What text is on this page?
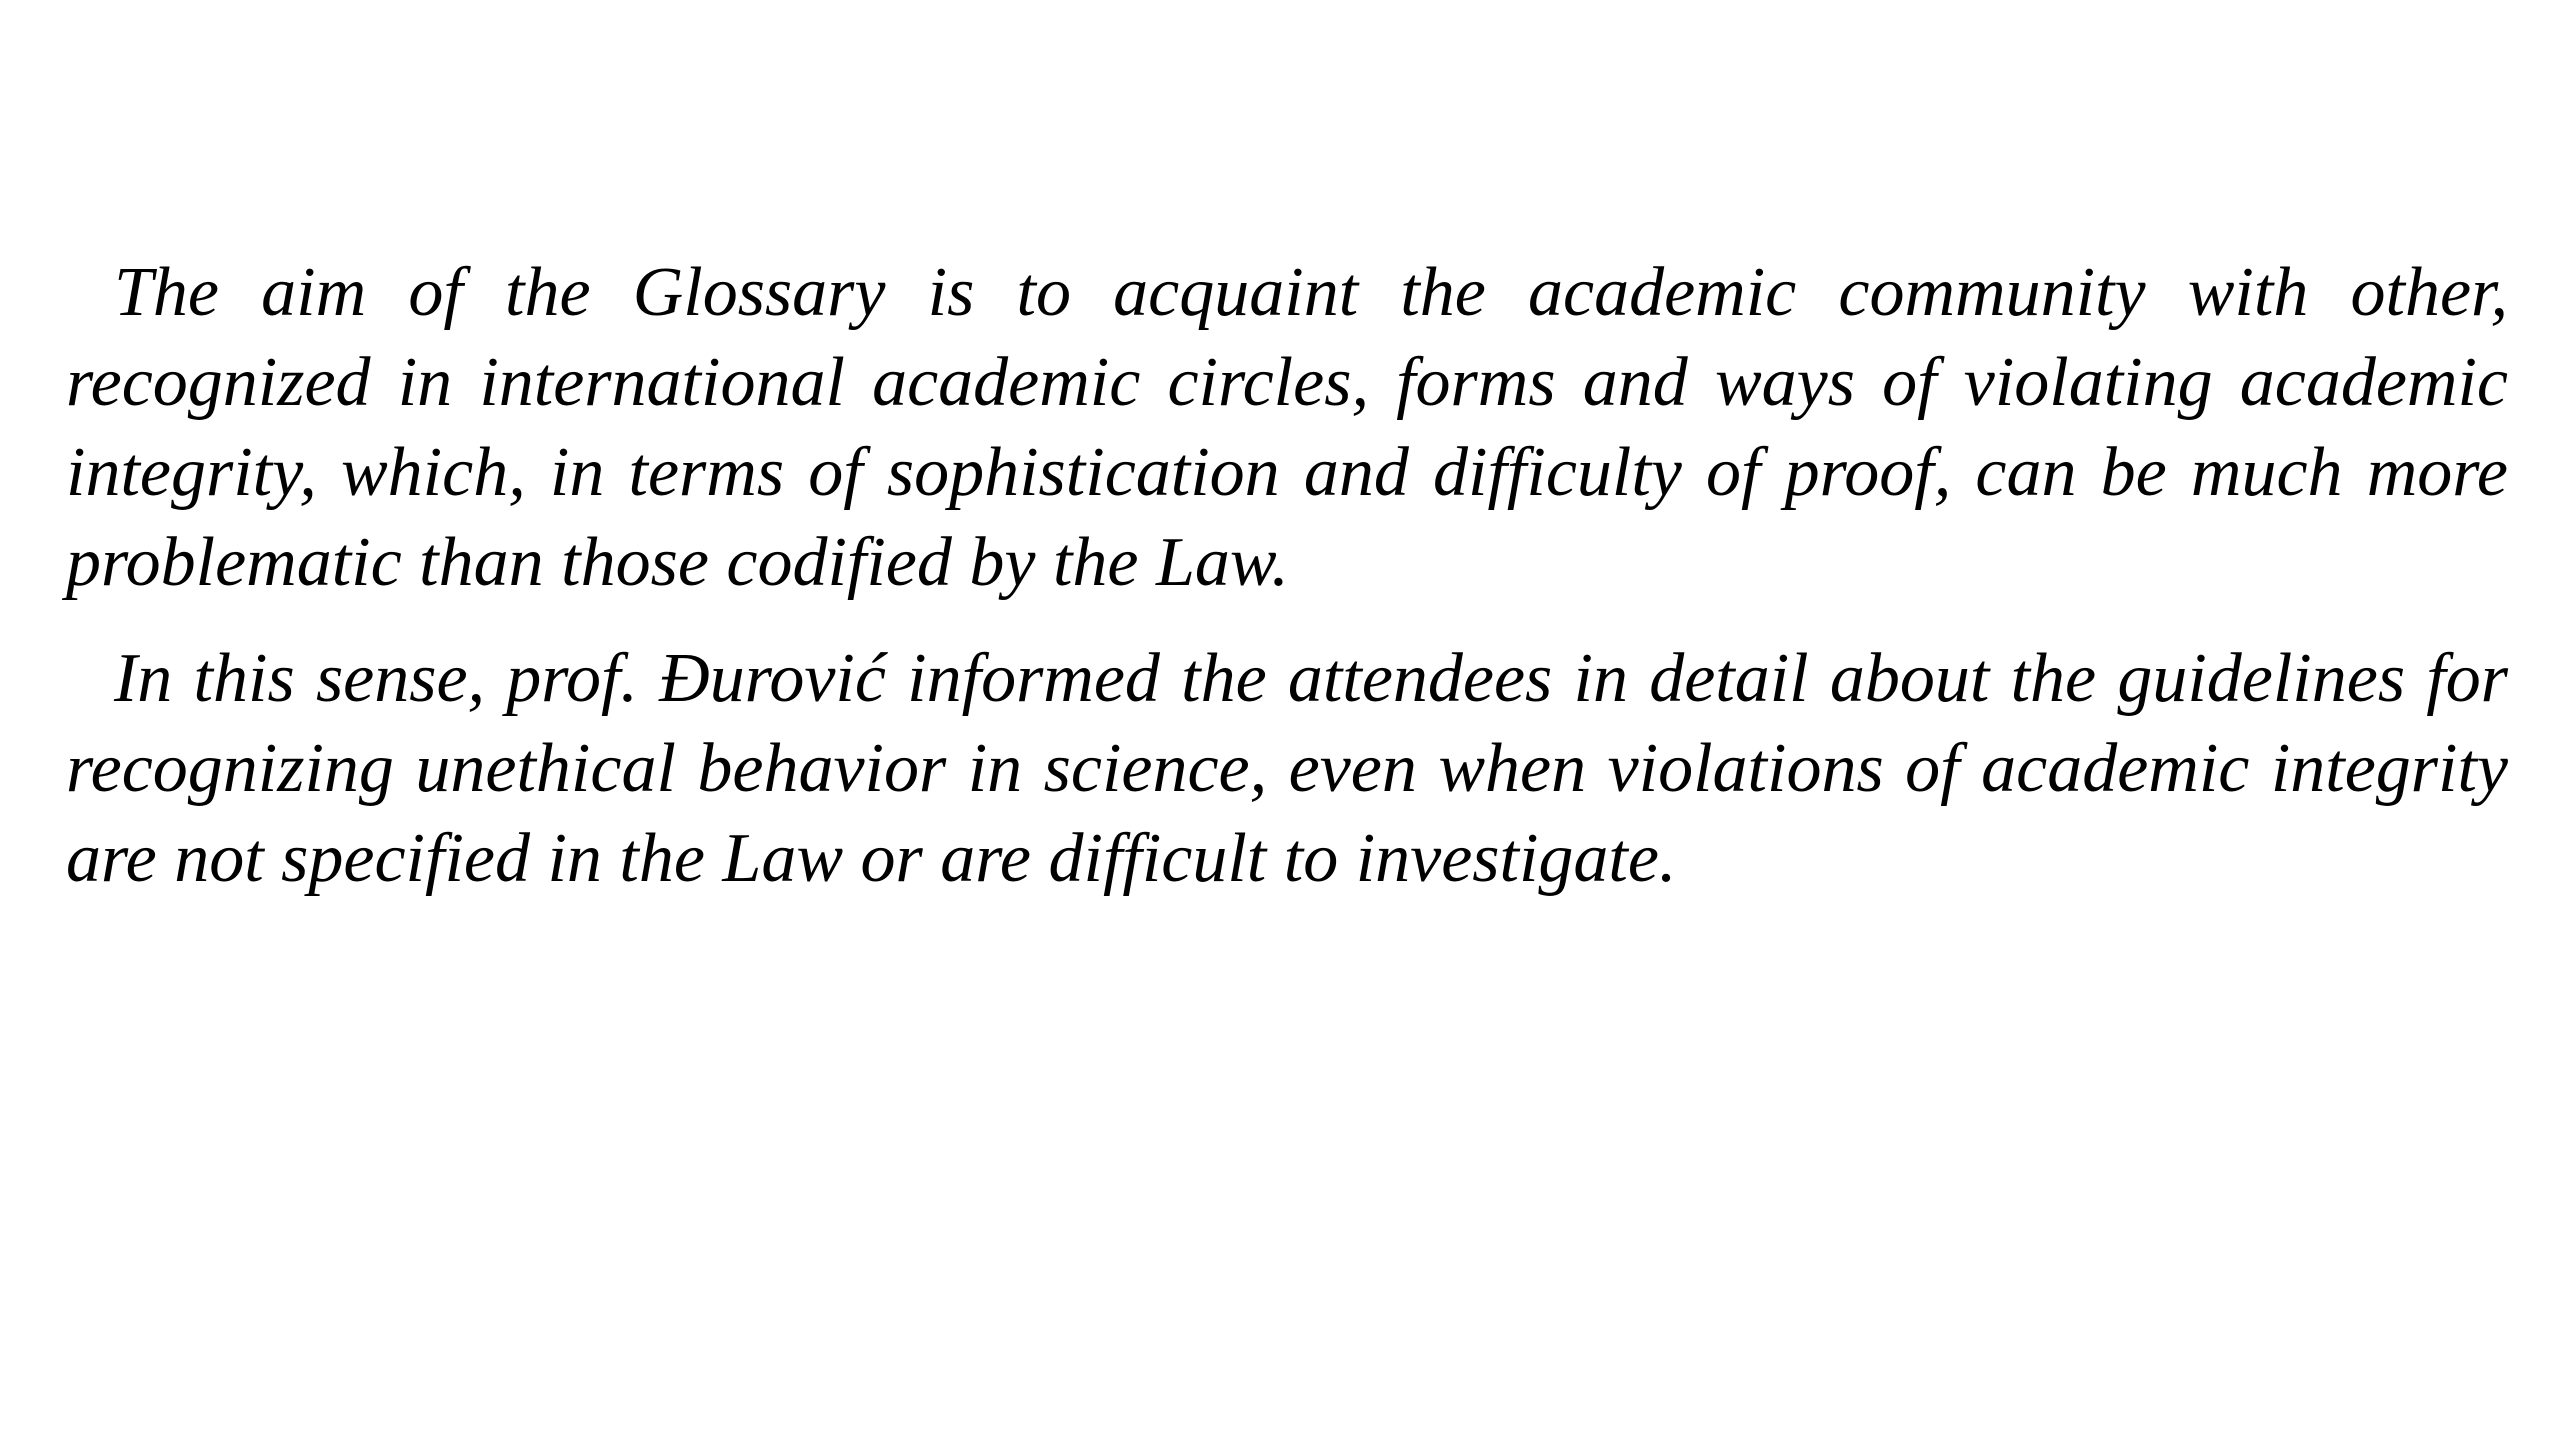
The aim of the Glossary is to acquaint the academic community with other, recognized in international academic circles, forms and ways of violating academic integrity, which, in terms of sophistication and difficulty of proof, can be much more problematic than those codified by the Law.

In this sense, prof. Đurović informed the attendees in detail about the guidelines for recognizing unethical behavior in science, even when violations of academic integrity are not specified in the Law or are difficult to investigate.
